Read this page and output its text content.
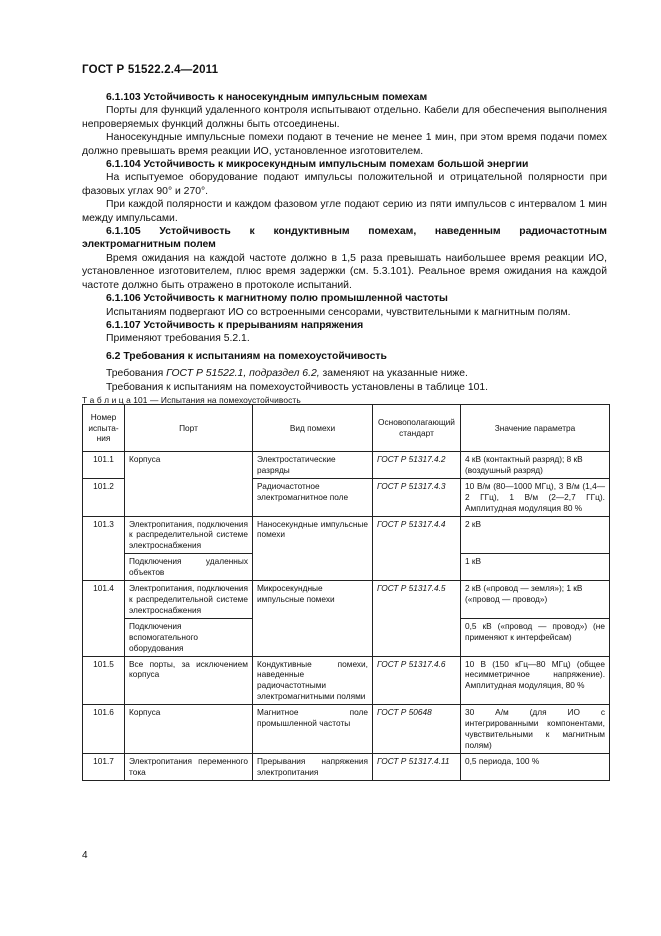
ГОСТ Р 51522.2.4—2011

6.1.103 Устойчивость к наносекундным импульсным помехам

Порты для функций удаленного контроля испытывают отдельно. Кабели для обеспечения выполнения непроверяемых функций должны быть отсоединены.

Наносекундные импульсные помехи подают в течение не менее 1 мин, при этом время подачи помех должно превышать время реакции ИО, установленное изготовителем.

6.1.104 Устойчивость к микросекундным импульсным помехам большой энергии

На испытуемое оборудование подают импульсы положительной и отрицательной полярности при фазовых углах 90° и 270°.

При каждой полярности и каждом фазовом угле подают серию из пяти импульсов с интервалом 1 мин между импульсами.

6.1.105 Устойчивость к кондуктивным помехам, наведенным радиочастотным электромагнитным полем

Время ожидания на каждой частоте должно в 1,5 раза превышать наибольшее время реакции ИО, установленное изготовителем, плюс время задержки (см. 5.3.101). Реальное время ожидания на каждой частоте должно быть отражено в протоколе испытаний.

6.1.106 Устойчивость к магнитному полю промышленной частоты

Испытаниям подвергают ИО со встроенными сенсорами, чувствительными к магнитным полям.

6.1.107 Устойчивость к прерываниям напряжения

Применяют требования 5.2.1.

6.2 Требования к испытаниям на помехоустойчивость

Требования ГОСТ Р 51522.1, подраздел 6.2, заменяют на указанные ниже.

Требования к испытаниям на помехоустойчивость установлены в таблице 101.

Т а б л и ц а 101 — Испытания на помехоустойчивость

Номер испыта-ния	Порт	Вид помехи	Основополагающий стандарт	Значение параметра
101.1	Корпуса	Электростатические разряды	ГОСТ Р 51317.4.2	4 кВ (контактный разряд); 8 кВ (воздушный разряд)
101.2		Радиочастотное электромагнитное поле	ГОСТ Р 51317.4.3	10 В/м (80—1000 МГц), 3 В/м (1,4—2 ГГц), 1 В/м (2—2,7 ГГц). Амплитудная модуляция 80 %
101.3	Электропитания, подключения к распределительной системе электроснабжения	Наносекундные импульсные помехи	ГОСТ Р 51317.4.4	2 кВ
	Подключения удаленных объектов			1 кВ
101.4	Электропитания, подключения к распределительной системе электроснабжения	Микросекундные импульсные помехи	ГОСТ Р 51317.4.5	2 кВ («провод — земля»); 1 кВ («провод — провод»)
	Подключения вспомогательного оборудования			0,5 кВ («провод — провод») (не применяют к интерфейсам)
101.5	Все порты, за исключением корпуса	Кондуктивные помехи, наведенные радиочастотными электромагнитными полями	ГОСТ Р 51317.4.6	10 В (150 кГц—80 МГц) (общее несимметричное напряжение). Амплитудная модуляция, 80 %
101.6	Корпуса	Магнитное поле промышленной частоты	ГОСТ Р 50648	30 А/м (для ИО с интегрированными компонентами, чувствительными к магнитным полям)
101.7	Электропитания переменного тока	Прерывания напряжения электропитания	ГОСТ Р 51317.4.11	0,5 периода, 100 %
4
